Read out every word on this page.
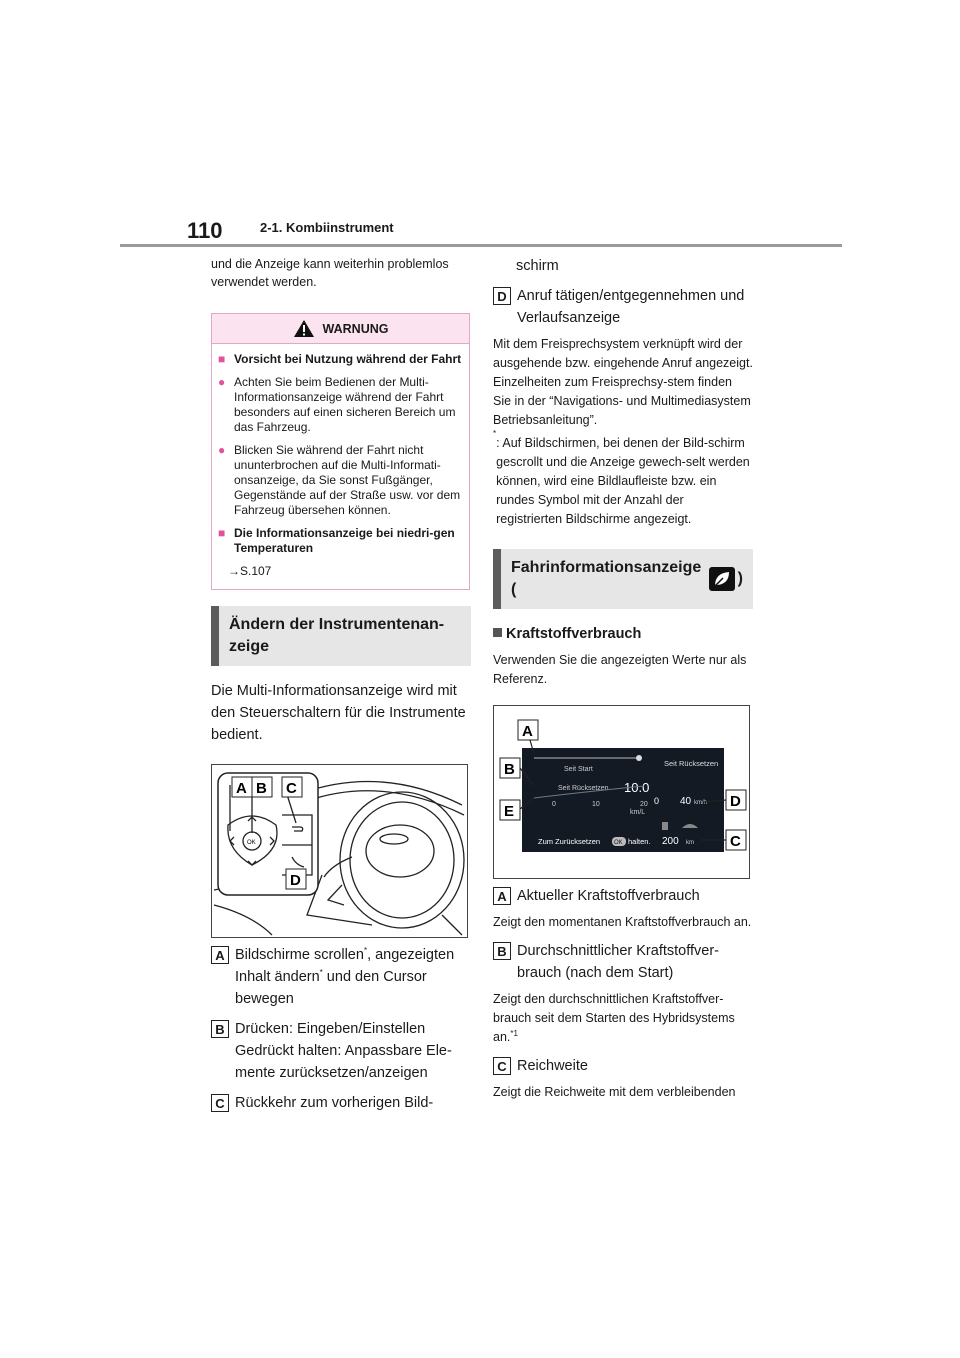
110	2-1. Kombiinstrument

und die Anzeige kann weiterhin problemlos verwendet werden.

WARNUNG
■ Vorsicht bei Nutzung während der Fahrt
● Achten Sie beim Bedienen der Multi-Informationsanzeige während der Fahrt besonders auf einen sicheren Bereich um das Fahrzeug.
● Blicken Sie während der Fahrt nicht ununterbrochen auf die Multi-Informati-onsanzeige, da Sie sonst Fußgänger, Gegenstände auf der Straße usw. vor dem Fahrzeug übersehen können.
■ Die Informationsanzeige bei niedri-gen Temperaturen
→S.107
Ändern der Instrumentenan-zeige

Die Multi-Informationsanzeige wird mit den Steuerschaltern für die Instrumente bedient.

OK
A B C
D
A Bildschirme scrollen*, angezeigten Inhalt ändern* und den Cursor bewegen
B Drücken: Eingeben/Einstellen
Gedrückt halten: Anpassbare Ele-mente zurücksetzen/anzeigen
C Rückkehr zum vorherigen Bild-

schirm

D Anruf tätigen/entgegennehmen und Verlaufsanzeige

Mit dem Freisprechsystem verknüpft wird der ausgehende bzw. eingehende Anruf angezeigt. Einzelheiten zum Freisprechsy-stem finden Sie in der “Navigations- und Multimediasystem Betriebsanleitung”.

*
: Auf Bildschirmen, bei denen der Bild-schirm gescrollt und die Anzeige gewech-selt werden können, wird eine Bildlaufleiste bzw. ein rundes Symbol mit der Anzahl der registrierten Bildschirme angezeigt.
Fahrinformationsanzeige (
)

Kraftstoffverbrauch

Verwenden Sie die angezeigten Werte nur als Referenz.

Seit Start
Seit Rücksetzen 10.0
km/L
0	10	20
Seit Rücksetzen
0 40 km/h
Zum Zurücksetzen OK halten. 200 km
A
B
E
D
C
A Aktueller Kraftstoffverbrauch

Zeigt den momentanen Kraftstoffverbrauch an.

B Durchschnittlicher Kraftstoffver-brauch (nach dem Start)

Zeigt den durchschnittlichen Kraftstoffver-brauch seit dem Starten des Hybridsystems an.$^{*1}$

C Reichweite

Zeigt die Reichweite mit dem verbleibenden
